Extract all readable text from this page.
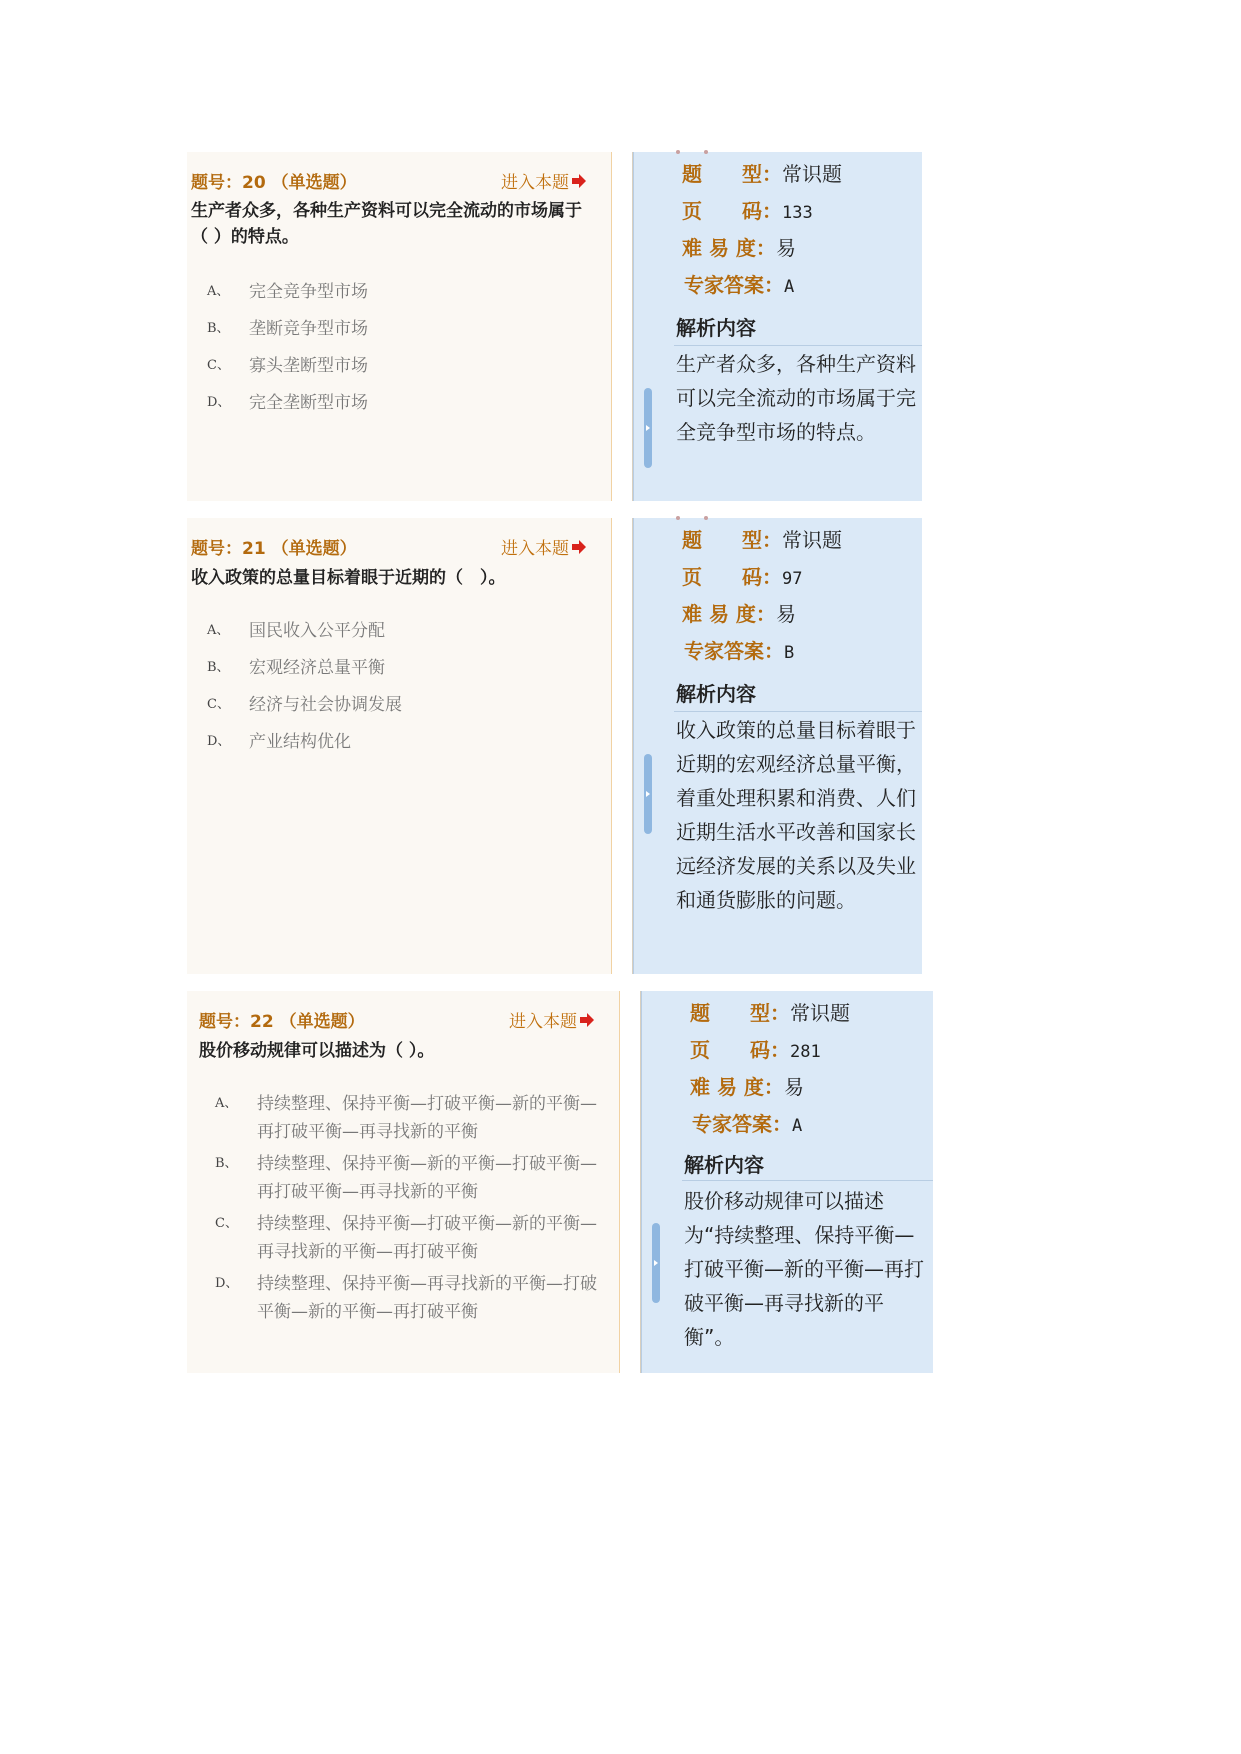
题号：20 （单选题）	进入本题
生产者众多，各种生产资料可以完全流动的市场属于（ ）的特点。
A、	完全竞争型市场
B、	垄断竞争型市场
C、	寡头垄断型市场
D、	完全垄断型市场
题　　型： 常识题
页　　码： 133
难 易 度： 易
专家答案： A
解析内容
生产者众多，各种生产资料可以完全流动的市场属于完全竞争型市场的特点。
题号：21 （单选题）	进入本题
收入政策的总量目标着眼于近期的（　）。
A、	国民收入公平分配
B、	宏观经济总量平衡
C、	经济与社会协调发展
D、	产业结构优化
题　　型： 常识题
页　　码： 97
难 易 度： 易
专家答案： B
解析内容
收入政策的总量目标着眼于近期的宏观经济总量平衡，着重处理积累和消费、人们近期生活水平改善和国家长远经济发展的关系以及失业和通货膨胀的问题。
题号：22 （单选题）	进入本题
股价移动规律可以描述为（ ）。
A、	持续整理、保持平衡—打破平衡—新的平衡—再打破平衡—再寻找新的平衡
B、	持续整理、保持平衡—新的平衡—打破平衡—再打破平衡—再寻找新的平衡
C、	持续整理、保持平衡—打破平衡—新的平衡—再寻找新的平衡—再打破平衡
D、	持续整理、保持平衡—再寻找新的平衡—打破平衡—新的平衡—再打破平衡
题　　型： 常识题
页　　码： 281
难 易 度： 易
专家答案： A
解析内容
股价移动规律可以描述为“持续整理、保持平衡—打破平衡—新的平衡—再打破平衡—再寻找新的平衡”。
